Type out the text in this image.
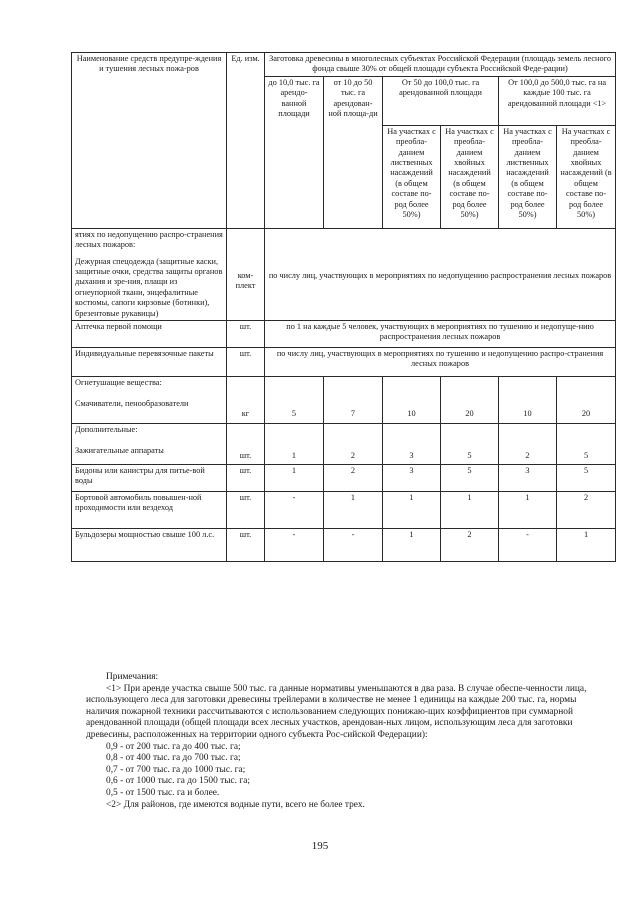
Наименование средств предупре-ждения и тушения лесных пожа-ров	Ед. изм.	Заготовка древесины в многолесных субъектах Российской Федерации (площадь земель лесного фонда свыше 30% от общей площади субъекта Российской Феде-рации)					
		до 10,0 тыс. га арендо-ванной площади	от 10 до 50 тыс. га арендован-ной площа-ди	От 50 до 100,0 тыс. га арендованной площади		От 100,0 до 500,0 тыс. га на каждые 100 тыс. га арендованной площади <1>	
				На участках с преобла-данием лиственных насаждений (в общем составе по-род более 50%)	На участках с преобла-данием хвойных насаждений (в общем составе по-род более 50%)	На участках с преобла-данием лиственных насаждений (в общем составе по-род более 50%)	На участках с преобла-данием хвойных насаждений (в общем составе по-род более 50%)
ятиях по недопущению распро-странения лесных пожаров:
Дежурная спецодежда (защитные каски, защитные очки, средства защиты органов дыхания и зре-ния, плащи из огнеупорной ткани, энцефалитные костюмы, сапоги кирзовые (ботинки), брезентовые рукавицы)	ком-плект	по числу лиц, участвующих в мероприятиях по недопущению распространения лесных пожаров					
Аптечка первой помощи	шт.	по 1 на каждые 5 человек, участвующих в мероприятиях по тушению и недопуще-нию распространения лесных пожаров					
Индивидуальные перевязочные пакеты	шт.	по числу лиц, участвующих в мероприятиях по тушению и недопущению распро-странения лесных пожаров					
Огнетушащие вещества:

Смачиватели, пенообразователи	кг	5	7	10	20	10	20
Дополнительные:

Зажигательные аппараты	шт.	1	2	3	5	2	5
Бидоны или канистры для питье-вой воды	шт.	1	2	3	5	3	5
Бортовой автомобиль повышен-ной проходимости или вездеход	шт.	-	1	1	1	1	2
Бульдозеры мощностью свыше 100 л.с.	шт.	-	-	1	2	-	1

Примечания:

<1> При аренде участка свыше 500 тыс. га данные нормативы уменьшаются в два раза. В случае обеспе-ченности лица, использующего леса для заготовки древесины трейлерами в количестве не менее 1 единицы на каждые 200 тыс. га, нормы наличия пожарной техники рассчитываются с использованием следующих понижаю-щих коэффициентов при суммарной арендованной площади (общей площади всех лесных участков, арендован-ных лицом, использующим леса для заготовки древесины, расположенных на территории одного субъекта Рос-сийской Федерации):

0,9 - от 200 тыс. га до 400 тыс. га;

0,8 - от 400 тыс. га до 700 тыс. га;

0,7 - от 700 тыс. га до 1000 тыс. га;

0,6 - от 1000 тыс. га до 1500 тыс. га;

0,5 - от 1500 тыс. га и более.

<2> Для районов, где имеются водные пути, всего не более трех.

195
